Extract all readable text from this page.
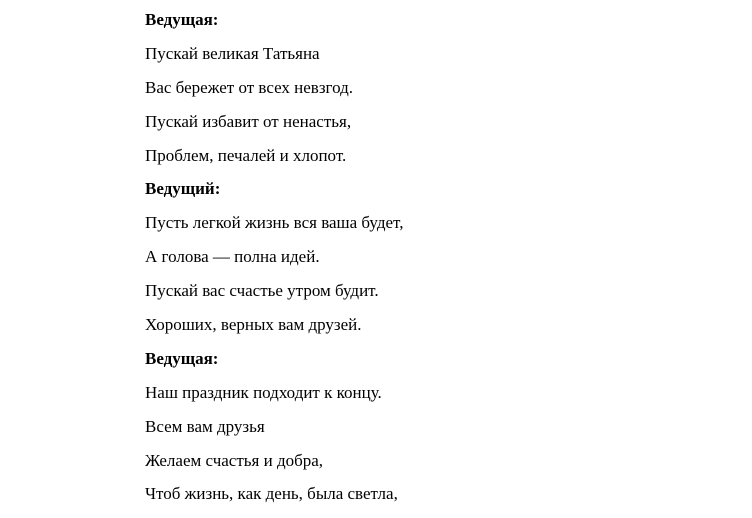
Ведущая:
Пускай великая Татьяна
Вас бережет от всех невзгод.
Пускай избавит от ненастья,
Проблем, печалей и хлопот.
Ведущий:
Пусть легкой жизнь вся ваша будет,
А голова — полна идей.
Пускай вас счастье утром будит.
Хороших, верных вам друзей.
Ведущая:
Наш праздник подходит к концу.
Всем вам друзья
Желаем счастья и добра,
Чтоб жизнь, как день, была светла,
